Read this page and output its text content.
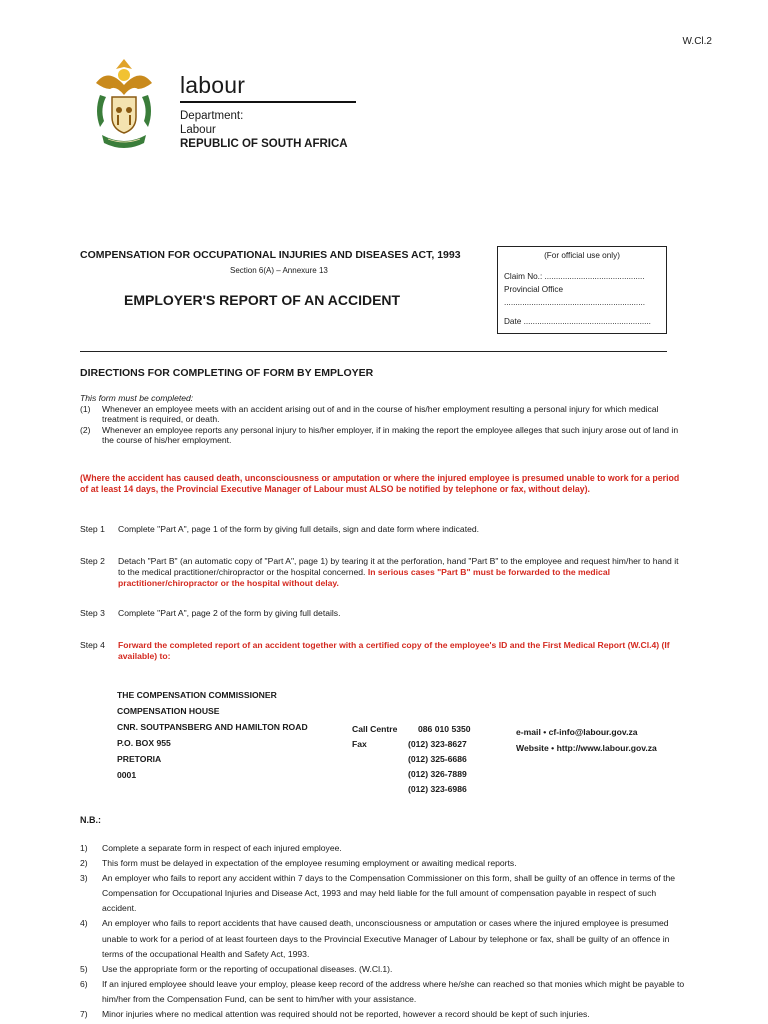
W.Cl.2
labour
Department:
Labour
REPUBLIC OF SOUTH AFRICA
COMPENSATION FOR OCCUPATIONAL INJURIES AND DISEASES ACT, 1993
Section 6(A) – Annexure 13
EMPLOYER'S REPORT OF AN ACCIDENT
(For official use only)
Claim No.: ............................................
Provincial Office
..............................................................
Date ........................................................
DIRECTIONS FOR COMPLETING OF FORM BY EMPLOYER
This form must be completed:
(1)	Whenever an employee meets with an accident arising out of and in the course of his/her employment resulting a personal injury for which medical treatment is required, or death.
(2)	Whenever an employee reports any personal injury to his/her employer, if in making the report the employee alleges that such injury arose out of land in the course of his/her employment.
(Where the accident has caused death, unconsciousness or amputation or where the injured employee is presumed unable to work for a period of at least 14 days, the Provincial Executive Manager of Labour must ALSO be notified by telephone or fax, without delay).
Step 1	Complete "Part A", page 1 of the form by giving full details, sign and date form where indicated.
Step 2	Detach "Part B" (an automatic copy of "Part A", page 1) by tearing it at the perforation, hand "Part B" to the employee and request him/her to hand it to the medical practitioner/chiropractor or the hospital concerned. In serious cases "Part B" must be forwarded to the medical practitioner/chiropractor or the hospital without delay.
Step 3	Complete "Part A", page 2 of the form by giving full details.
Step 4	Forward the completed report of an accident together with a certified copy of the employee's ID and the First Medical Report (W.Cl.4) (If available) to:
THE COMPENSATION COMMISSIONER
COMPENSATION HOUSE
CNR. SOUTPANSBERG AND HAMILTON ROAD
P.O. BOX 955
PRETORIA
0001
Call Centre	086 010 5350
Fax	(012) 323-8627
(012) 325-6686
(012) 326-7889
(012) 323-6986
e-mail • cf-info@labour.gov.za
Website • http://www.labour.gov.za
N.B.:
1)	Complete a separate form in respect of each injured employee.
2)	This form must be delayed in expectation of the employee resuming employment or awaiting medical reports.
3)	An employer who fails to report any accident within 7 days to the Compensation Commissioner on this form, shall be guilty of an offence in terms of the Compensation for Occupational Injuries and Disease Act, 1993 and may held liable for the full amount of compensation payable in respect of such accident.
4)	An employer who fails to report accidents that have caused death, unconsciousness or amputation or cases where the injured employee is presumed unable to work for a period of at least fourteen days to the Provincial Executive Manager of Labour by telephone or fax, shall be guilty of an offence in terms of the occupational Health and Safety Act, 1993.
5)	Use the appropriate form or the reporting of occupational diseases. (W.Cl.1).
6)	If an injured employee should leave your employ, please keep record of the address where he/she can reached so that monies which might be payable to him/her from the Compensation Fund, can be sent to him/her with your assistance.
7)	Minor injuries where no medical attention was required should not be reported, however a record should be kept of such injuries.
